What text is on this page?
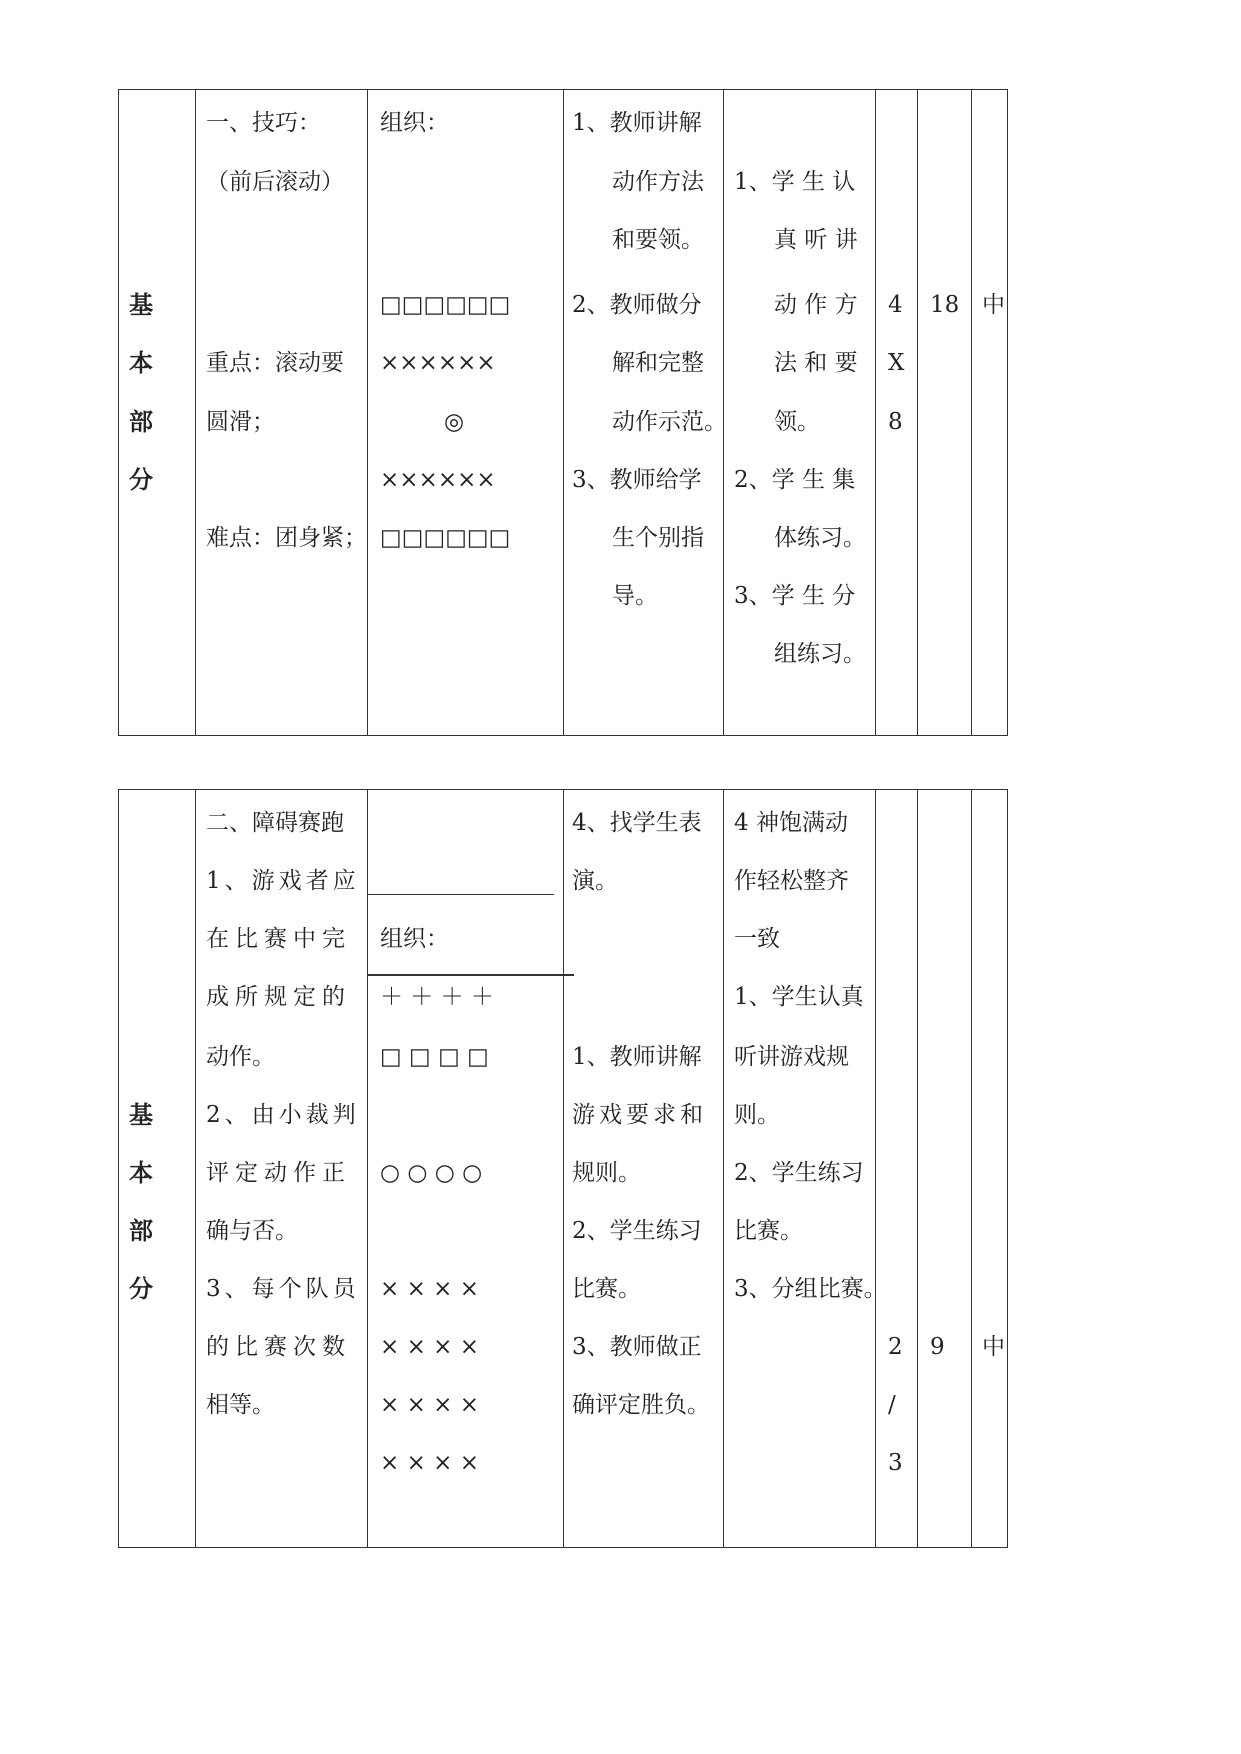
基
本
部
分
一、技巧：
（前后滚动）
重点：滚动要
圆滑；
难点：团身紧；
组织：
□□□□□□
××××××
◎
××××××
□□□□□□
1、教师讲解
动作方法
和要领。
2、教师做分
解和完整
动作示范。
3、教师给学
生个别指
导。
1、学 生 认
真 听 讲
动 作 方
法 和 要
领。
2、学 生 集
体练习。
3、学 生 分
组练习。
4
X
8
18 中
基
本
部
分
二、障碍赛跑
1、游戏者应
在比赛中完
成所规定的
动作。
2、由小裁判
评定动作正
确与否。
3、每个队员
的比赛次数
相等。
组织：
＋ ＋ ＋ ＋
□ □ □ □
○ ○ ○ ○
× × × ×
× × × ×
× × × ×
× × × ×
4、找学生表
演。
1、教师讲解
游戏要求和
规则。
2、学生练习
比赛。
3、教师做正
确评定胜负。
4 神饱满动
作轻松整齐
一致
1、学生认真
听讲游戏规
则。
2、学生练习
比赛。
3、分组比赛。
2
/
3
9 中
